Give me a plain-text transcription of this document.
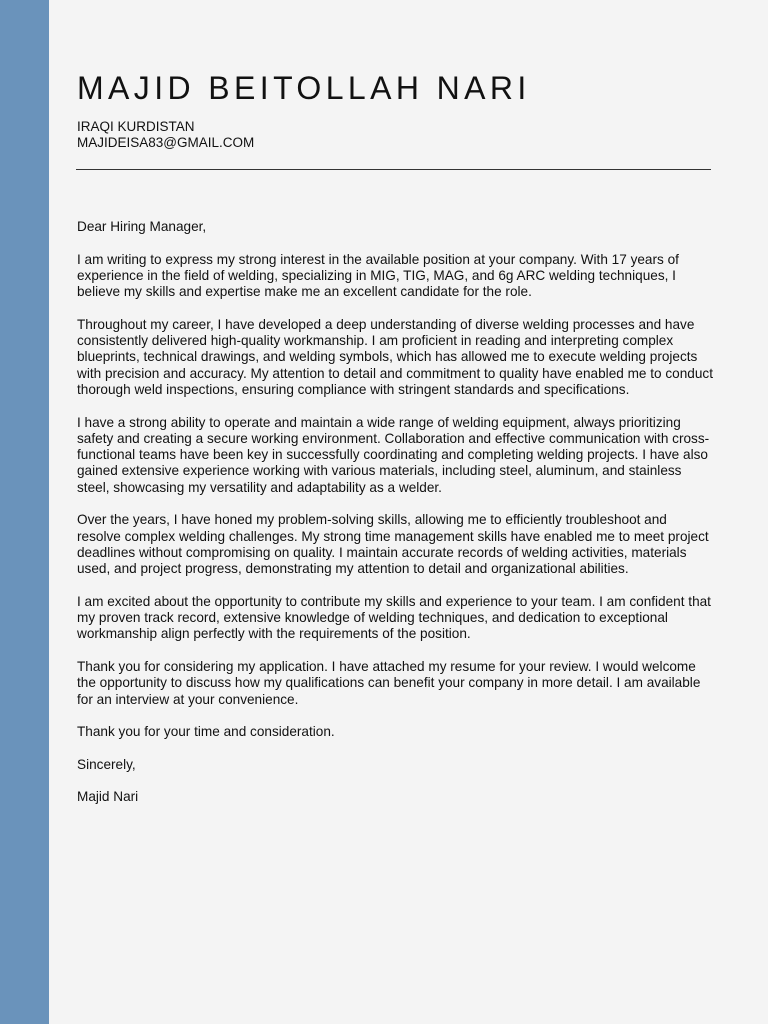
MAJID BEITOLLAH NARI
IRAQI KURDISTAN
MAJIDEISA83@GMAIL.COM

Dear Hiring Manager,

I am writing to express my strong interest in the available position at your company. With 17 years of experience in the field of welding, specializing in MIG, TIG, MAG, and 6g ARC welding techniques, I believe my skills and expertise make me an excellent candidate for the role.

Throughout my career, I have developed a deep understanding of diverse welding processes and have consistently delivered high-quality workmanship. I am proficient in reading and interpreting complex blueprints, technical drawings, and welding symbols, which has allowed me to execute welding projects with precision and accuracy. My attention to detail and commitment to quality have enabled me to conduct thorough weld inspections, ensuring compliance with stringent standards and specifications.

I have a strong ability to operate and maintain a wide range of welding equipment, always prioritizing safety and creating a secure working environment. Collaboration and effective communication with cross-functional teams have been key in successfully coordinating and completing welding projects. I have also gained extensive experience working with various materials, including steel, aluminum, and stainless steel, showcasing my versatility and adaptability as a welder.

Over the years, I have honed my problem-solving skills, allowing me to efficiently troubleshoot and resolve complex welding challenges. My strong time management skills have enabled me to meet project deadlines without compromising on quality. I maintain accurate records of welding activities, materials used, and project progress, demonstrating my attention to detail and organizational abilities.

I am excited about the opportunity to contribute my skills and experience to your team. I am confident that my proven track record, extensive knowledge of welding techniques, and dedication to exceptional workmanship align perfectly with the requirements of the position.

Thank you for considering my application. I have attached my resume for your review. I would welcome the opportunity to discuss how my qualifications can benefit your company in more detail. I am available for an interview at your convenience.

Thank you for your time and consideration.

Sincerely,

Majid Nari
